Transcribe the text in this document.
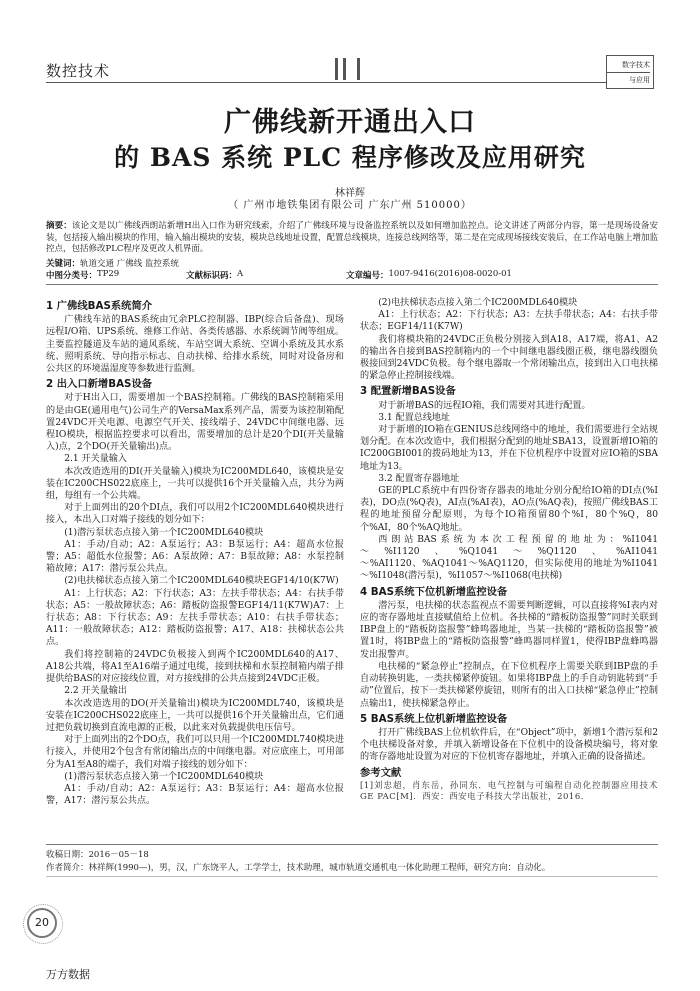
数控技术	数字技术
与应用
广佛线新开通出入口
的 BAS 系统 PLC 程序修改及应用研究
林祥辉
（ 广州市地铁集团有限公司 广东广州 510000）
摘要：该论文是以广佛线西朗站新增H出入口作为研究线索，介绍了广佛线环境与设备监控系统以及如何增加监控点。论文讲述了两部分内容，第一是现场设备安装，包括接入输出模块的作用，输入输出模块的安装，模块总线地址设置，配置总线模块，连接总线网络等，第二是在完成现场接线安装后，在工作站电脑上增加监控点，包括修改PLC程序及更改人机界面。
关键词：轨道交通 广佛线 监控系统
中图分类号： TP29	文献标识码： A	文章编号： 1007-9416(2016)08-0020-01
1 广佛线BAS系统简介

广佛线车站的BAS系统由冗余PLC控制器、IBP(综合后备盘)、现场远程I/O箱、UPS系统、维修工作站、各类传感器、水系统调节阀等组成。主要监控隧道及车站的通风系统、车站空调大系统、空调小系统及其水系统、照明系统、导向指示标志、自动扶梯、给排水系统，同时对设备房和公共区的环境温湿度等参数进行监测。

2 出入口新增BAS设备

对于H出入口，需要增加一个BAS控制箱。广佛线的BAS控制箱采用的是由GE(通用电气)公司生产的VersaMax系列产品，需要为该控制箱配置24VDC开关电源、电源空气开关、接线端子、24VDC中间继电器、远程IO模块，根据监控要求可以看出，需要增加的总计是20个DI(开关量输入)点，2个DO(开关量输出)点。

2.1 开关量输入

本次改造选用的DI(开关量输入)模块为IC200MDL640，该模块是安装在IC200CHS022底座上，一共可以提供16个开关量输入点，共分为两组，每组有一个公共端。

对于上面列出的20个DI点，我们可以用2个IC200MDL640模块进行接入，本出入口对端子接线的划分如下：

(1)潜污泵状态点接入第一个IC200MDL640模块

A1：手动/自动；A2：A泵运行；A3：B泵运行；A4：超高水位报警；A5：超低水位报警；A6：A泵故障；A7：B泵故障；A8：水泵控制箱故障；A17：潜污泵公共点。

(2)电扶梯状态点接入第二个IC200MDL640模块EGF14/10(K7W)

A1：上行状态；A2：下行状态；A3：左扶手带状态；A4：右扶手带状态；A5：一般故障状态；A6：踏板防盗报警EGF14/11(K7W)A7：上行状态；A8：下行状态；A9：左扶手带状态；A10：右扶手带状态；A11：一般故障状态；A12：踏板防盗报警；A17、A18：扶梯状态公共点。

我们将控制箱的24VDC负极接入到两个IC200MDL640的A17、A18公共端，将A1至A16端子通过电缆，接到扶梯和水泵控制箱内端子排提供给BAS的对应接线位置，对方接线排的公共点接到24VDC正极。

2.2 开关量输出

本次改造选用的DO(开关量输出)模块为IC200MDL740，该模块是安装在IC200CHS022底座上，一共可以提供16个开关量输出点，它们通过把负载切换到直流电源的正极，以此来对负载提供电压信号。

对于上面列出的2个DO点，我们可以只用一个IC200MDL740模块进行接入，并使用2个包含有常闭输出点的中间继电器。对应底座上，可用部分为A1至A8的端子，我们对端子接线的划分如下：

(1)潜污泵状态点接入第一个IC200MDL640模块

A1：手动/自动；A2：A泵运行；A3：B泵运行；A4：超高水位报警，A17：潜污泵公共点。

(2)电扶梯状态点接入第二个IC200MDL640模块

A1：上行状态；A2：下行状态；A3：左扶手带状态；A4：右扶手带状态；EGF14/11(K7W)

我们将模块箱的24VDC正负极分别接入到A18、A17端，将A1、A2的输出各自接到BAS控制箱内的一个中间继电器线圈正极，继电器线圈负极接回到24VDC负极。每个继电器取一个常闭输出点，接到出入口电扶梯的紧急停止控制接线端。

3 配置新增BAS设备

对于新增BAS的远程IO箱，我们需要对其进行配置。

3.1 配置总线地址

对于新增的IO箱在GENIUS总线网络中的地址，我们需要进行全站规划分配。在本次改造中，我们根据分配到的地址SBA13，设置新增IO箱的IC200GBI001的拨码地址为13，并在下位机程序中设置对应IO箱的SBA地址为13。

3.2 配置寄存器地址

GE的PLC系统中有四份寄存器表的地址分别分配给IO箱的DI点(%I表)，DO点(%Q表)，AI点(%AI表)，AO点(%AQ表)，按照广佛线BAS工程的地址预留分配原则，为每个IO箱预留80个%I，80个%Q，80个%AI，80个%AQ地址。

西朗站BAS系统为本次工程预留的地址为：%I1041～%I1120、%Q1041～%Q1120、%AI1041～%AI1120、%AQ1041～%AQ1120，但实际使用的地址为%I1041～%I1048(潜污泵)，%I1057～%I1068(电扶梯)

4 BAS系统下位机新增监控设备

潜污泵，电扶梯的状态监视点不需要判断逻辑，可以直接将%I表内对应的寄存器地址直接赋值给上位机。各扶梯的“踏板防盗报警”同时关联到IBP盘上的“踏板防盗报警”蜂鸣器地址，当某一扶梯的“踏板防盗报警”被置1时，将IBP盘上的“踏板防盗报警”蜂鸣器同样置1，使得IBP盘蜂鸣器发出报警声。

电扶梯的“紧急停止”控制点，在下位机程序上需要关联到IBP盘的手自动转换钥匙，一类扶梯紧停旋钮。如果将IBP盘上的手自动钥匙转到“手动”位置后，按下一类扶梯紧停旋钮，则所有的出入口扶梯“紧急停止”控制点输出1，使扶梯紧急停止。

5 BAS系统上位机新增监控设备

打开广佛线BAS上位机软件后，在“Object”项中，新增1个潜污泵和2个电扶梯设备对象，并填入新增设备在下位机中的设备模块编号，将对象的寄存器地址设置为对应的下位机寄存器地址，并填入正确的设备描述。

参考文献

[1]刘忠超，肖东岳，孙同东．电气控制与可编程自动化控制器应用技术 GE PAC[M]．西安：西安电子科技大学出版社，2016．

收稿日期：2016－05－18
作者简介：林祥辉(1990—)，男，汉，广东饶平人，工学学士，技术助理，城市轨道交通机电一体化助理工程师，研究方向：自动化。
20
万方数据
